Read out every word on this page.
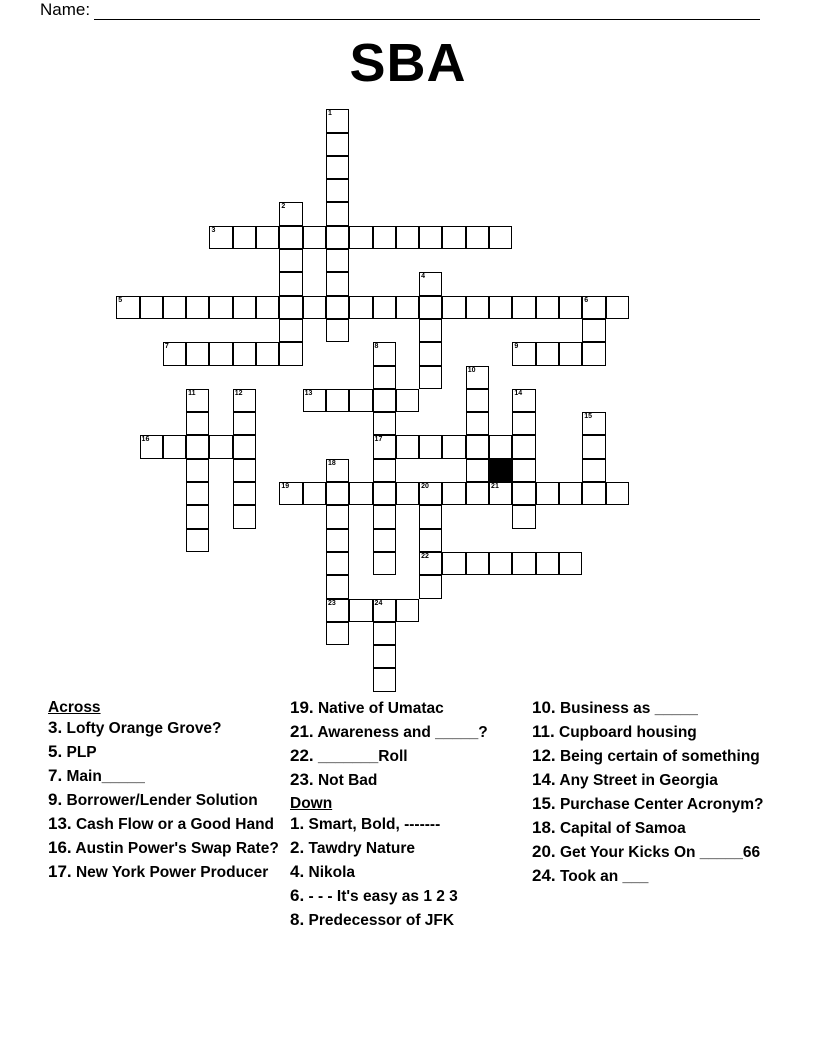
Name:
SBA
1
2
3
4
5	6
7	8
17
9
10
11	12	13	14
15
16
18
23
19	20
22
21
24
Across
3. Lofty Orange Grove?
5. PLP
7. Main_____
9. Borrower/Lender Solution
13. Cash Flow or a Good Hand
16. Austin Power's Swap Rate?
17. New York Power Producer
19. Native of Umatac
21. Awareness and _____?
22. _______Roll
23. Not Bad
Down
1. Smart, Bold, -------
2. Tawdry Nature
4. Nikola
6. - - - It's easy as 1 2 3
8. Predecessor of JFK
10. Business as _____
11. Cupboard housing
12. Being certain of something
14. Any Street in Georgia
15. Purchase Center Acronym?
18. Capital of Samoa
20. Get Your Kicks On _____66
24. Took an ___
